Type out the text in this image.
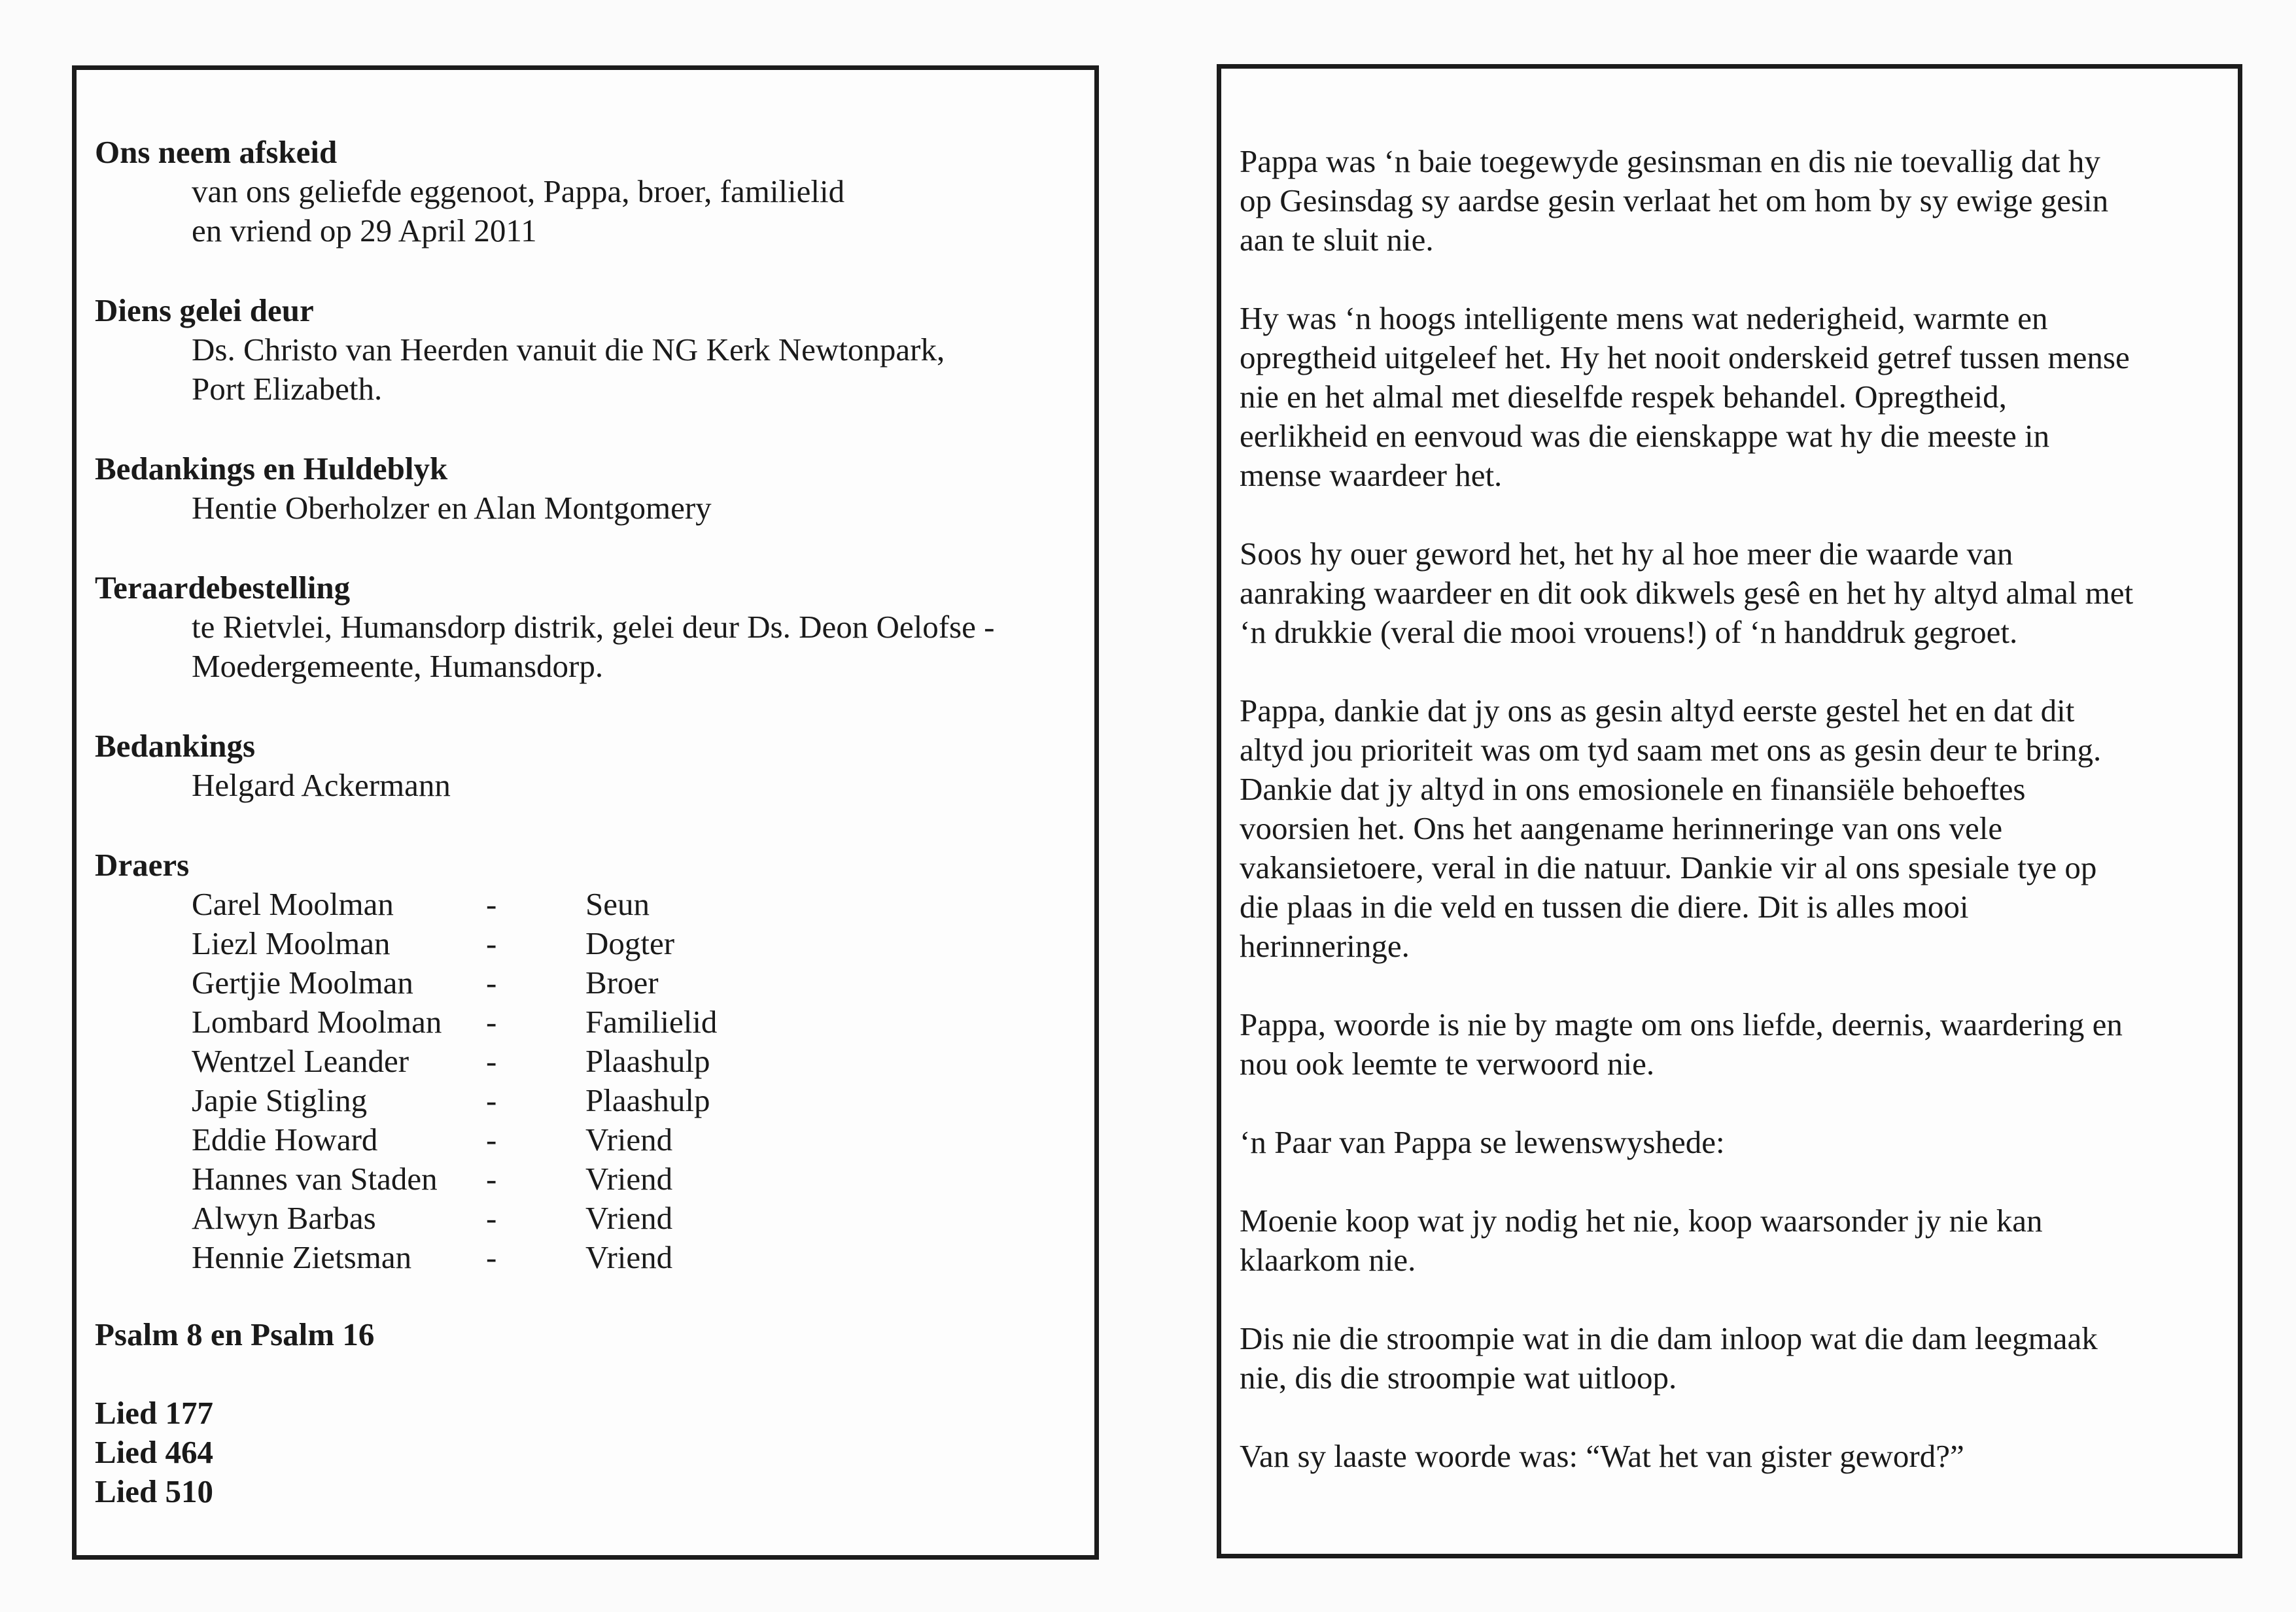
Ons neem afskeid
van ons geliefde eggenoot, Pappa, broer, familielid
en vriend op 29 April 2011
Diens gelei deur
Ds. Christo van Heerden vanuit die NG Kerk Newtonpark,
Port Elizabeth.
Bedankings en Huldeblyk
Hentie Oberholzer en Alan Montgomery
Teraardebestelling
te Rietvlei, Humansdorp distrik, gelei deur Ds. Deon Oelofse -
Moedergemeente, Humansdorp.
Bedankings
Helgard Ackermann
Draers
Carel Moolman	-	Seun
Liezl Moolman	-	Dogter
Gertjie Moolman	-	Broer
Lombard Moolman	-	Familielid
Wentzel Leander	-	Plaashulp
Japie Stigling	-	Plaashulp
Eddie Howard	-	Vriend
Hannes van Staden	-	Vriend
Alwyn Barbas	-	Vriend
Hennie Zietsman	-	Vriend
Psalm 8 en Psalm 16
Lied 177
Lied 464
Lied 510
Pappa was ‘n baie toegewyde gesinsman en dis nie toevallig dat hy
op Gesinsdag sy aardse gesin verlaat het om hom by sy ewige gesin
aan te sluit nie.
Hy was ‘n hoogs intelligente mens wat nederigheid, warmte en
opregtheid uitgeleef het. Hy het nooit onderskeid getref tussen mense
nie en het almal met dieselfde respek behandel. Opregtheid,
eerlikheid en eenvoud was die eienskappe wat hy die meeste in
mense waardeer het.
Soos hy ouer geword het, het hy al hoe meer die waarde van
aanraking waardeer en dit ook dikwels gesê en het hy altyd almal met
‘n drukkie (veral die mooi vrouens!) of ‘n handdruk gegroet.
Pappa, dankie dat jy ons as gesin altyd eerste gestel het en dat dit
altyd jou prioriteit was om tyd saam met ons as gesin deur te bring.
Dankie dat jy altyd in ons emosionele en finansiële behoeftes
voorsien het. Ons het aangename herinneringe van ons vele
vakansietoere, veral in die natuur. Dankie vir al ons spesiale tye op
die plaas in die veld en tussen die diere. Dit is alles mooi
herinneringe.
Pappa, woorde is nie by magte om ons liefde, deernis, waardering en
nou ook leemte te verwoord nie.
‘n Paar van Pappa se lewenswyshede:
Moenie koop wat jy nodig het nie, koop waarsonder jy nie kan
klaarkom nie.
Dis nie die stroompie wat in die dam inloop wat die dam leegmaak
nie, dis die stroompie wat uitloop.
Van sy laaste woorde was: “Wat het van gister geword?”
